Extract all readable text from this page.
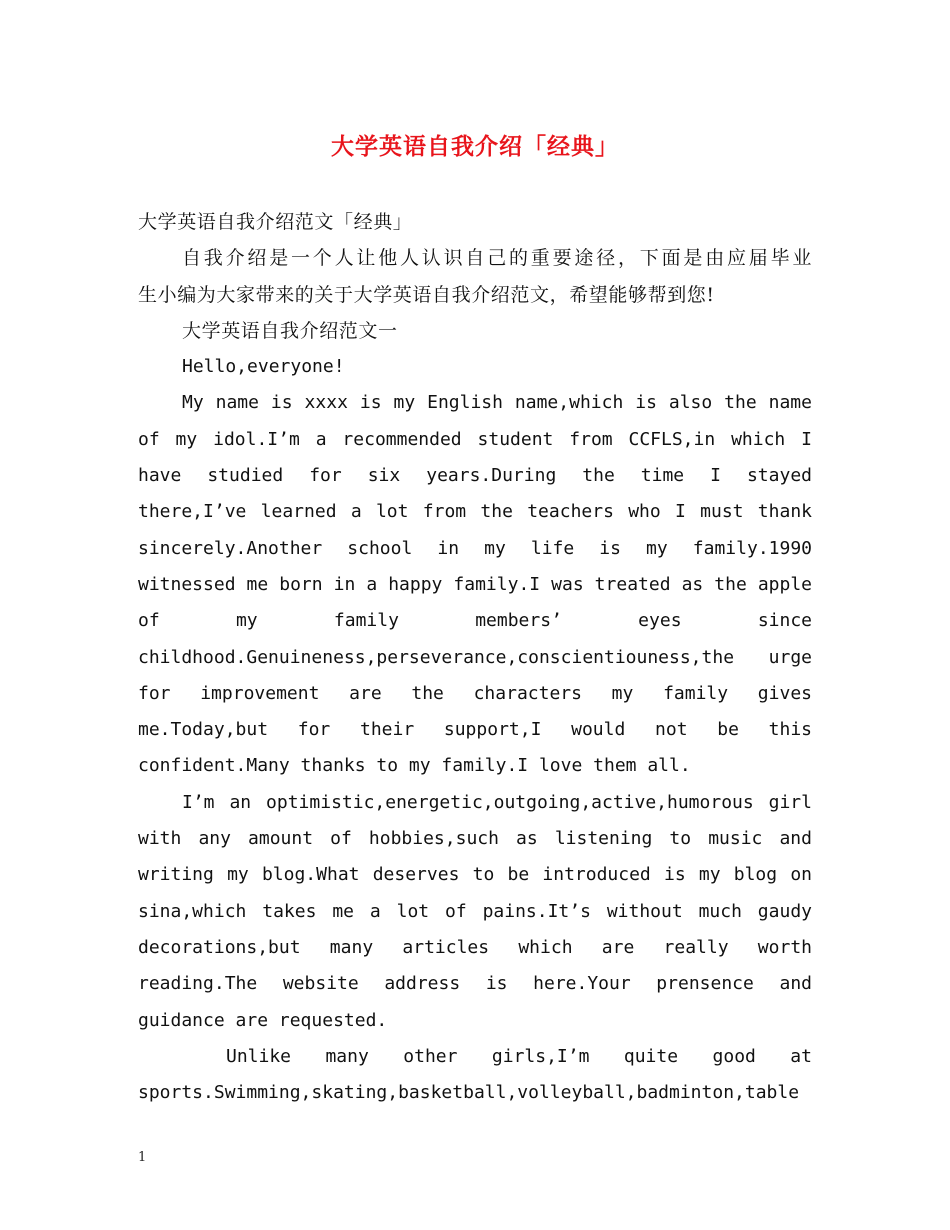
大学英语自我介绍「经典」
大学英语自我介绍范文「经典」
自我介绍是一个人让他人认识自己的重要途径，下面是由应届毕业
生小编为大家带来的关于大学英语自我介绍范文，希望能够帮到您!
大学英语自我介绍范文一
Hello,everyone!
My name is xxxx is my English name,which is also the name
of my idol.I’m a recommended student from CCFLS,in which I
have studied for six years.During the time I stayed
there,I’ve learned a lot from the teachers who I must thank
sincerely.Another school in my life is my family.1990
witnessed me born in a happy family.I was treated as the apple
of my family members’ eyes since
childhood.Genuineness,perseverance,conscientiouness,the urge
for improvement are the characters my family gives
me.Today,but for their support,I would not be this
confident.Many thanks to my family.I love them all.
I’m an optimistic,energetic,outgoing,active,humorous girl
with any amount of hobbies,such as listening to music and
writing my blog.What deserves to be introduced is my blog on
sina,which takes me a lot of pains.It’s without much gaudy
decorations,but many articles which are really worth
reading.The website address is here.Your prensence and
guidance are requested.
Unlike many other girls,I’m quite good at
sports.Swimming,skating,basketball,volleyball,badminton,table
1
